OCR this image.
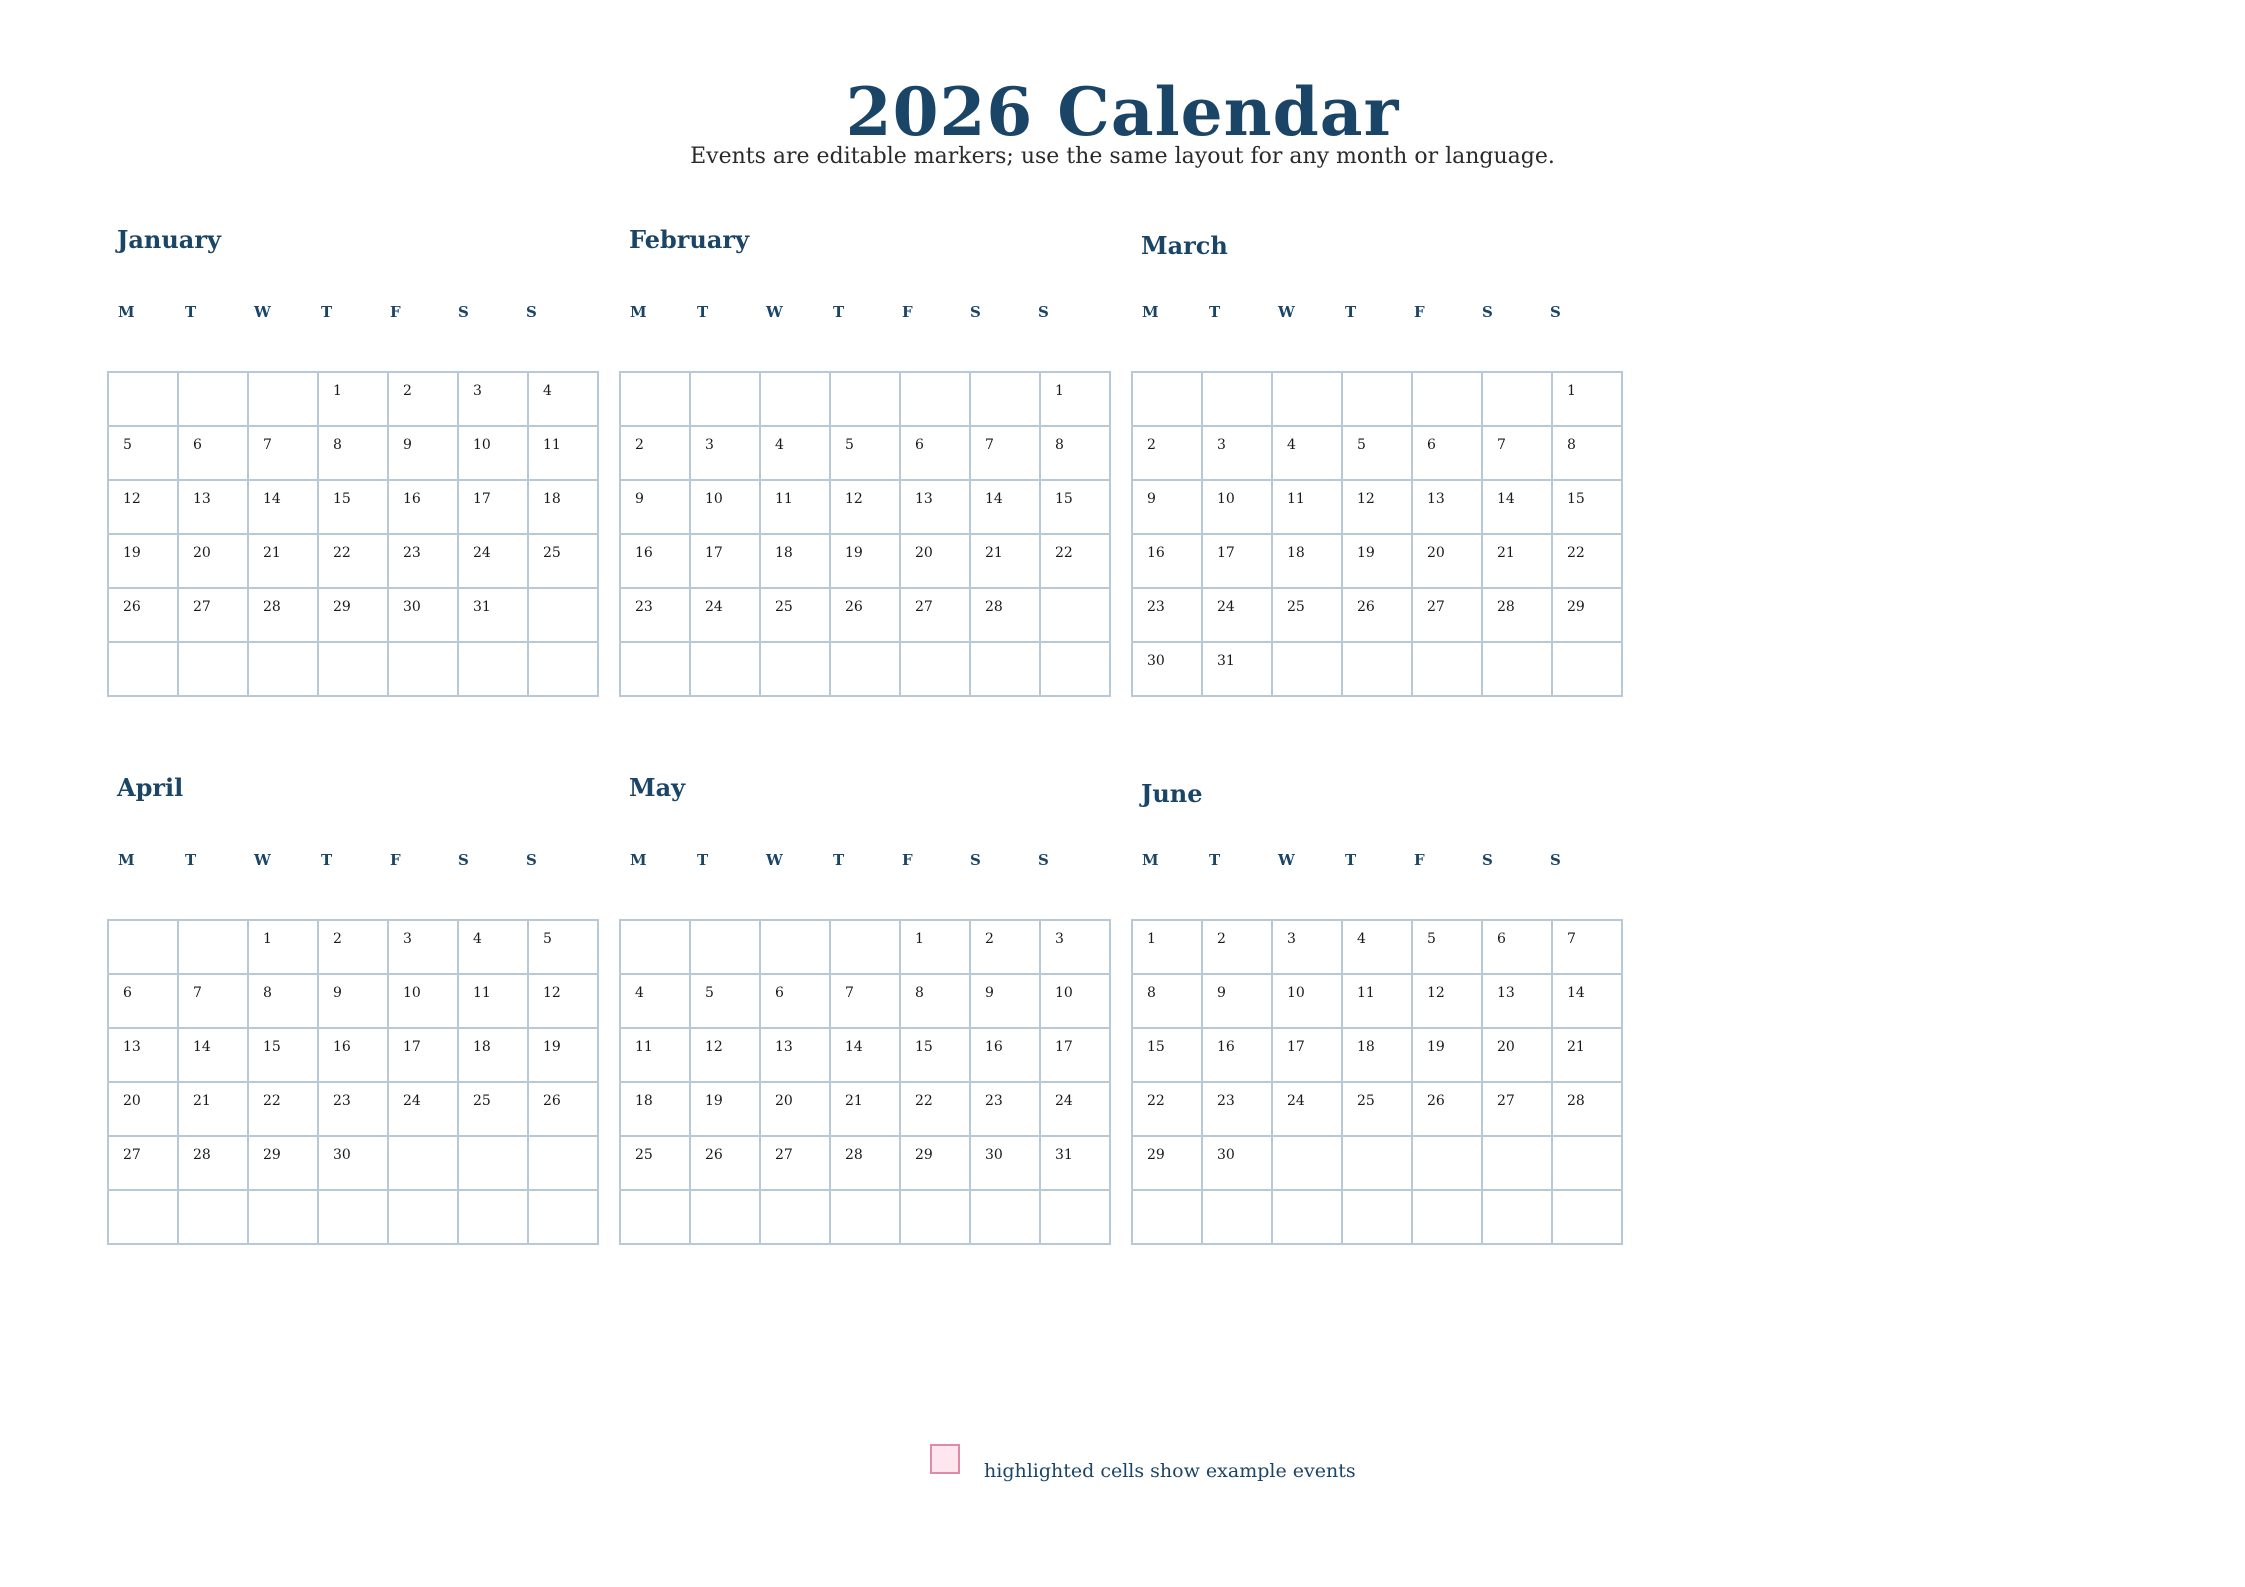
2026 Calendar
Events are editable markers; use the same layout for any month or language.
January
M	T	W	T	F	S	S

			1	2	3	4

5	6	7	8	9	10	11

12	13	14	15	16	17	18

19	20	21	22	23	24	25

26	27	28	29	30	31	

February
M	T	W	T	F	S	S

						1

2	3	4	5	6	7	8

9	10	11	12	13	14	15

16	17	18	19	20	21	22

23	24	25	26	27	28	

March
M	T	W	T	F	S	S

						1

2	3	4	5	6	7	8

9	10	11	12	13	14	15

16	17	18	19	20	21	22

23	24	25	26	27	28	29

30	31					

April
M	T	W	T	F	S	S

		1	2	3	4	5

6	7	8	9	10	11	12

13	14	15	16	17	18	19

20	21	22	23	24	25	26

27	28	29	30			

May
M	T	W	T	F	S	S

				1	2	3

4	5	6	7	8	9	10

11	12	13	14	15	16	17

18	19	20	21	22	23	24

25	26	27	28	29	30	31

June
M	T	W	T	F	S	S
1	2	3	4	5	6	7

8	9	10	11	12	13	14

15	16	17	18	19	20	21

22	23	24	25	26	27	28

29	30					

highlighted cells show example events
